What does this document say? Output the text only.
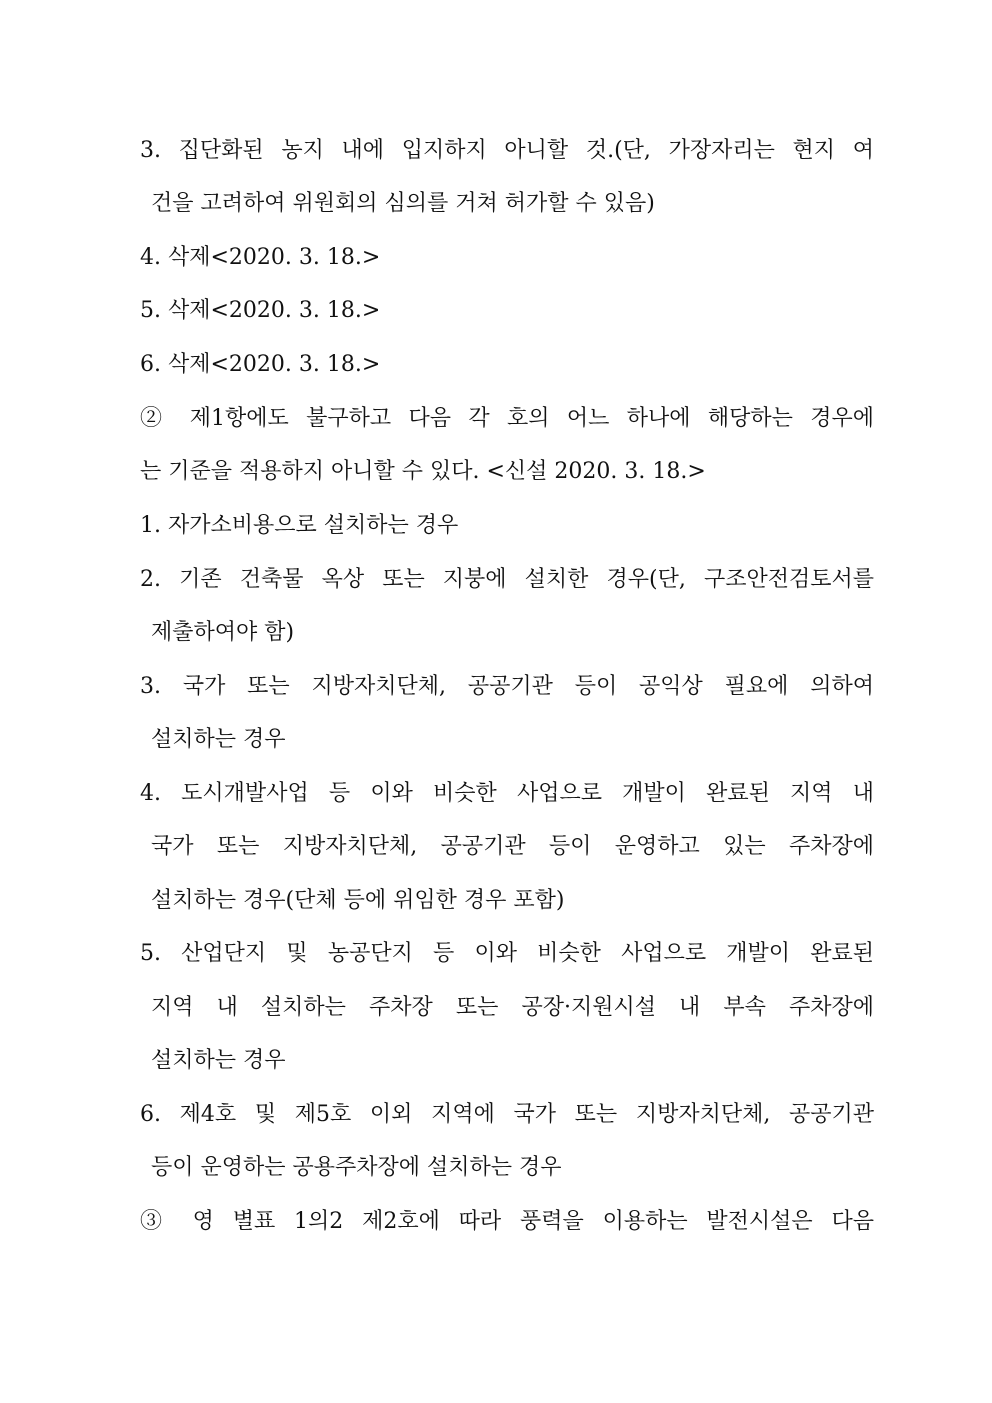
3. 집단화된 농지 내에 입지하지 아니할 것.(단, 가장자리는 현지 여
건을 고려하여 위원회의 심의를 거쳐 허가할 수 있음)
4. 삭제<2020. 3. 18.>
5. 삭제<2020. 3. 18.>
6. 삭제<2020. 3. 18.>
② 제1항에도 불구하고 다음 각 호의 어느 하나에 해당하는 경우에
는 기준을 적용하지 아니할 수 있다. <신설 2020. 3. 18.>
1. 자가소비용으로 설치하는 경우
2. 기존 건축물 옥상 또는 지붕에 설치한 경우(단, 구조안전검토서를
제출하여야 함)
3. 국가 또는 지방자치단체, 공공기관 등이 공익상 필요에 의하여
설치하는 경우
4. 도시개발사업 등 이와 비슷한 사업으로 개발이 완료된 지역 내
국가 또는 지방자치단체, 공공기관 등이 운영하고 있는 주차장에
설치하는 경우(단체 등에 위임한 경우 포함)
5. 산업단지 및 농공단지 등 이와 비슷한 사업으로 개발이 완료된
지역 내 설치하는 주차장 또는 공장·지원시설 내 부속 주차장에
설치하는 경우
6. 제4호 및 제5호 이외 지역에 국가 또는 지방자치단체, 공공기관
등이 운영하는 공용주차장에 설치하는 경우
③ 영 별표 1의2 제2호에 따라 풍력을 이용하는 발전시설은 다음
